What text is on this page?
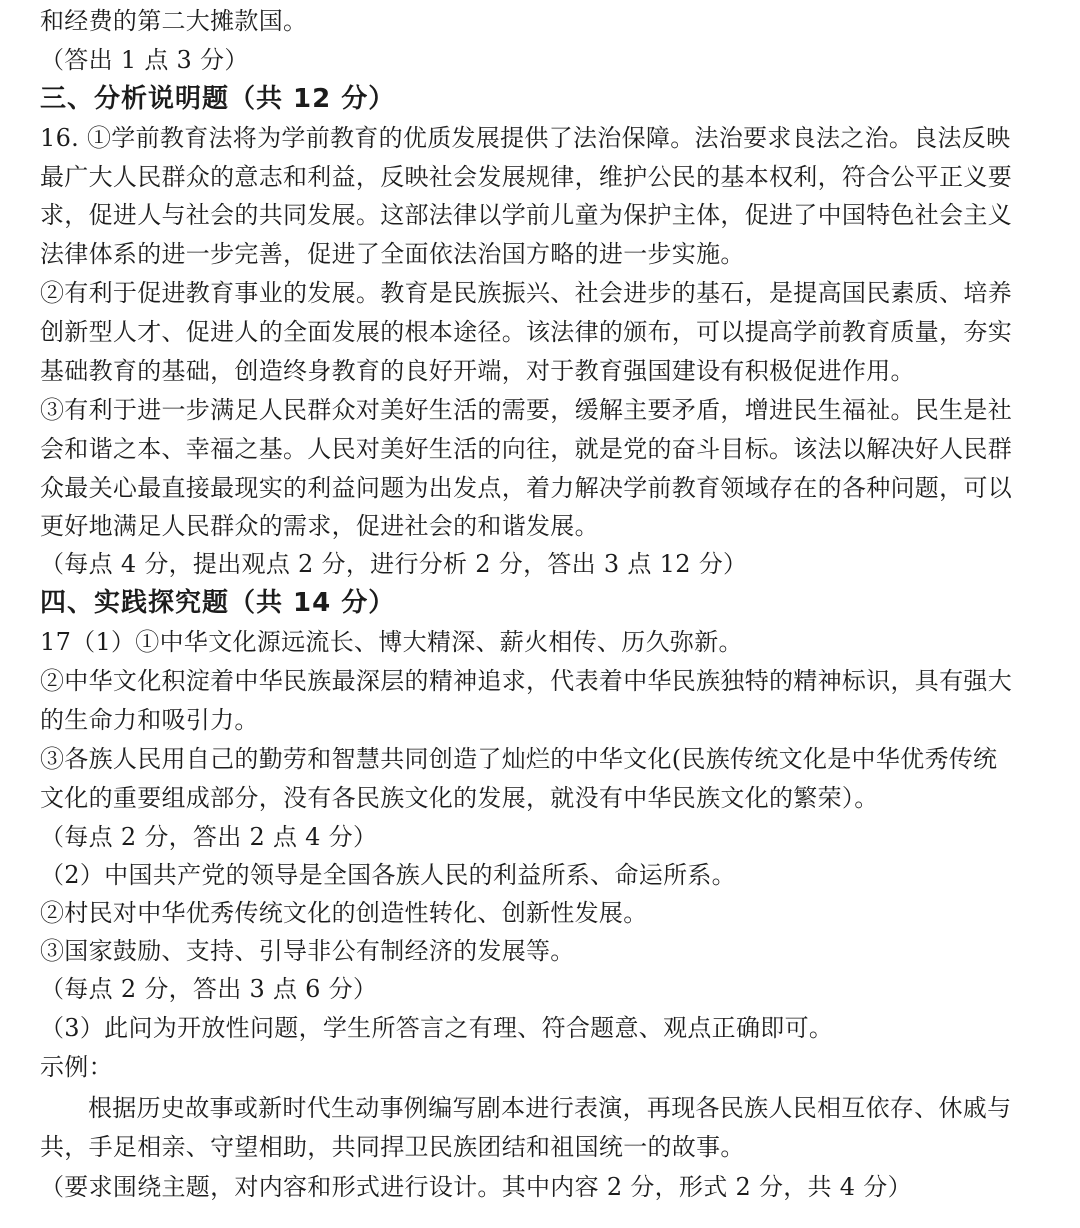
和经费的第二大摊款国。
（答出 1 点 3 分）
三、分析说明题（共 12 分）
16. ①学前教育法将为学前教育的优质发展提供了法治保障。法治要求良法之治。良法反映
最广大人民群众的意志和利益，反映社会发展规律，维护公民的基本权利，符合公平正义要
求，促进人与社会的共同发展。这部法律以学前儿童为保护主体，促进了中国特色社会主义
法律体系的进一步完善，促进了全面依法治国方略的进一步实施。
②有利于促进教育事业的发展。教育是民族振兴、社会进步的基石，是提高国民素质、培养
创新型人才、促进人的全面发展的根本途径。该法律的颁布，可以提高学前教育质量，夯实
基础教育的基础，创造终身教育的良好开端，对于教育强国建设有积极促进作用。
③有利于进一步满足人民群众对美好生活的需要，缓解主要矛盾，增进民生福祉。民生是社
会和谐之本、幸福之基。人民对美好生活的向往，就是党的奋斗目标。该法以解决好人民群
众最关心最直接最现实的利益问题为出发点，着力解决学前教育领域存在的各种问题，可以
更好地满足人民群众的需求，促进社会的和谐发展。
（每点 4 分，提出观点 2 分，进行分析 2 分，答出 3 点 12 分）
四、实践探究题（共 14 分）
17（1）①中华文化源远流长、博大精深、薪火相传、历久弥新。
②中华文化积淀着中华民族最深层的精神追求，代表着中华民族独特的精神标识，具有强大
的生命力和吸引力。
③各族人民用自己的勤劳和智慧共同创造了灿烂的中华文化(民族传统文化是中华优秀传统
文化的重要组成部分，没有各民族文化的发展，就没有中华民族文化的繁荣）。
（每点 2 分，答出 2 点 4 分）
（2）中国共产党的领导是全国各族人民的利益所系、命运所系。
②村民对中华优秀传统文化的创造性转化、创新性发展。
③国家鼓励、支持、引导非公有制经济的发展等。
（每点 2 分，答出 3 点 6 分）
（3）此问为开放性问题，学生所答言之有理、符合题意、观点正确即可。
示例：
根据历史故事或新时代生动事例编写剧本进行表演，再现各民族人民相互依存、休戚与
共，手足相亲、守望相助，共同捍卫民族团结和祖国统一的故事。
（要求围绕主题，对内容和形式进行设计。其中内容 2 分，形式 2 分，共 4 分）
